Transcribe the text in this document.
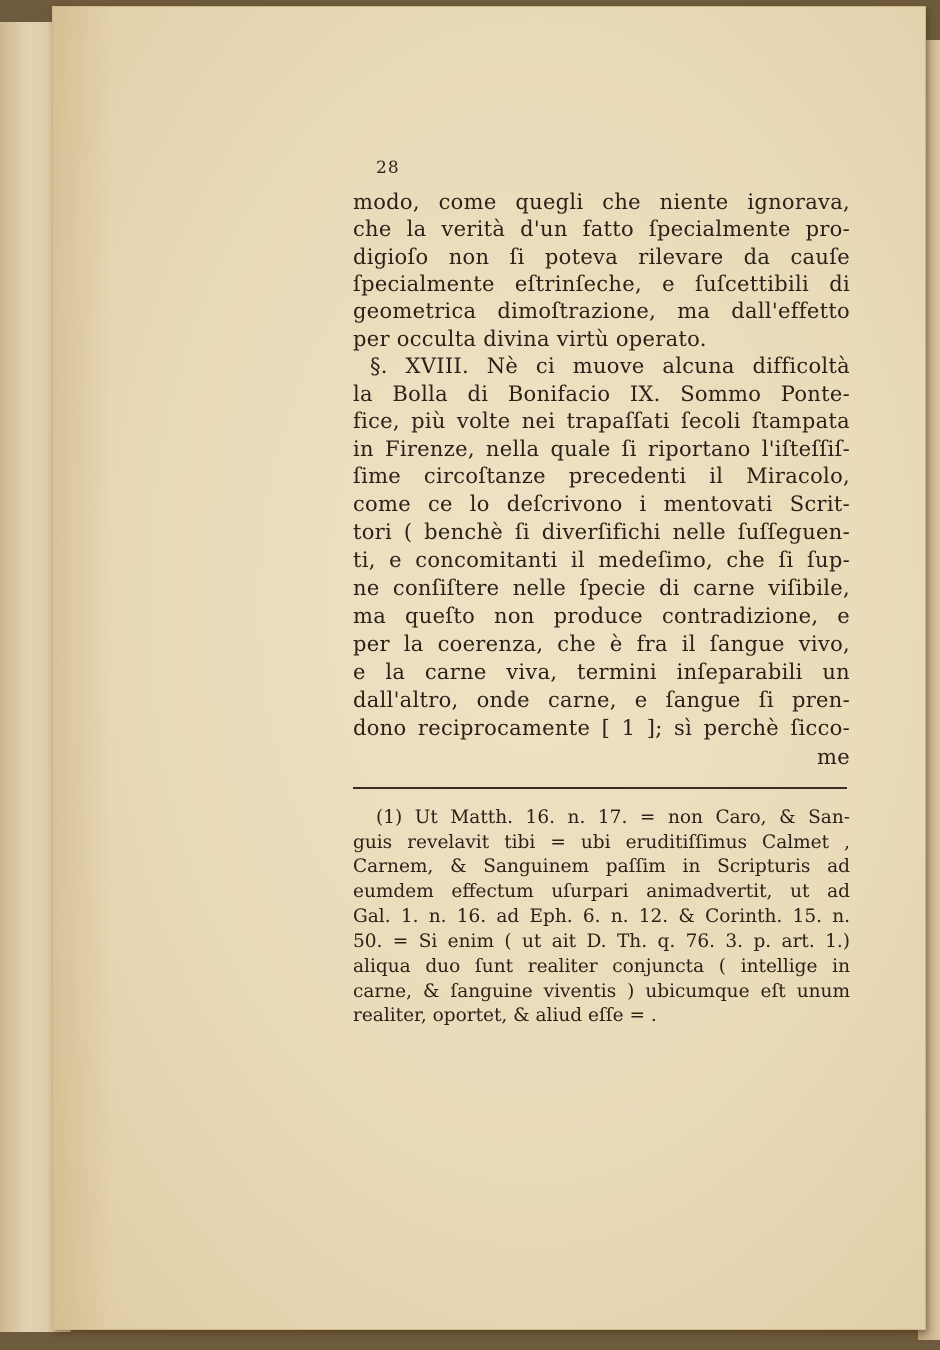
28
modo, come quegli che niente ignorava,
che la verità d'un fatto ſpecialmente pro-
digioſo non ſi poteva rilevare da cauſe
ſpecialmente eſtrinſeche, e ſuſcettibili di
geometrica dimoſtrazione, ma dall'effetto
per occulta divina virtù operato.
§. XVIII. Nè ci muove alcuna difficoltà
la Bolla di Bonifacio IX. Sommo Ponte-
fice, più volte nei trapaſſati ſecoli ſtampata
in Firenze, nella quale ſi riportano l'iſteſſiſ-
ſime circoſtanze precedenti il Miracolo,
come ce lo deſcrivono i mentovati Scrit-
tori ( benchè ſi diverſifichi nelle ſuſſeguen-
ti, e concomitanti il medeſimo, che ſi ſup-
ne conſiſtere nelle ſpecie di carne viſibile,
ma queſto non produce contradizione, e
per la coerenza, che è fra il ſangue vivo,
e la carne viva, termini inſeparabili un
dall'altro, onde carne, e ſangue ſi pren-
dono reciprocamente [ 1 ]; sì perchè ſicco-
me
(1) Ut Matth. 16. n. 17. = non Caro, & San-
guis revelavit tibi = ubi eruditiſſimus Calmet ,
Carnem, & Sanguinem paſſim in Scripturis ad
eumdem effectum uſurpari animadvertit, ut ad
Gal. 1. n. 16. ad Eph. 6. n. 12. & Corinth. 15. n.
50. = Si enim ( ut ait D. Th. q. 76. 3. p. art. 1.)
aliqua duo ſunt realiter conjuncta ( intellige in
carne, & ſanguine viventis ) ubicumque eſt unum
realiter, oportet, & aliud eſſe = .
